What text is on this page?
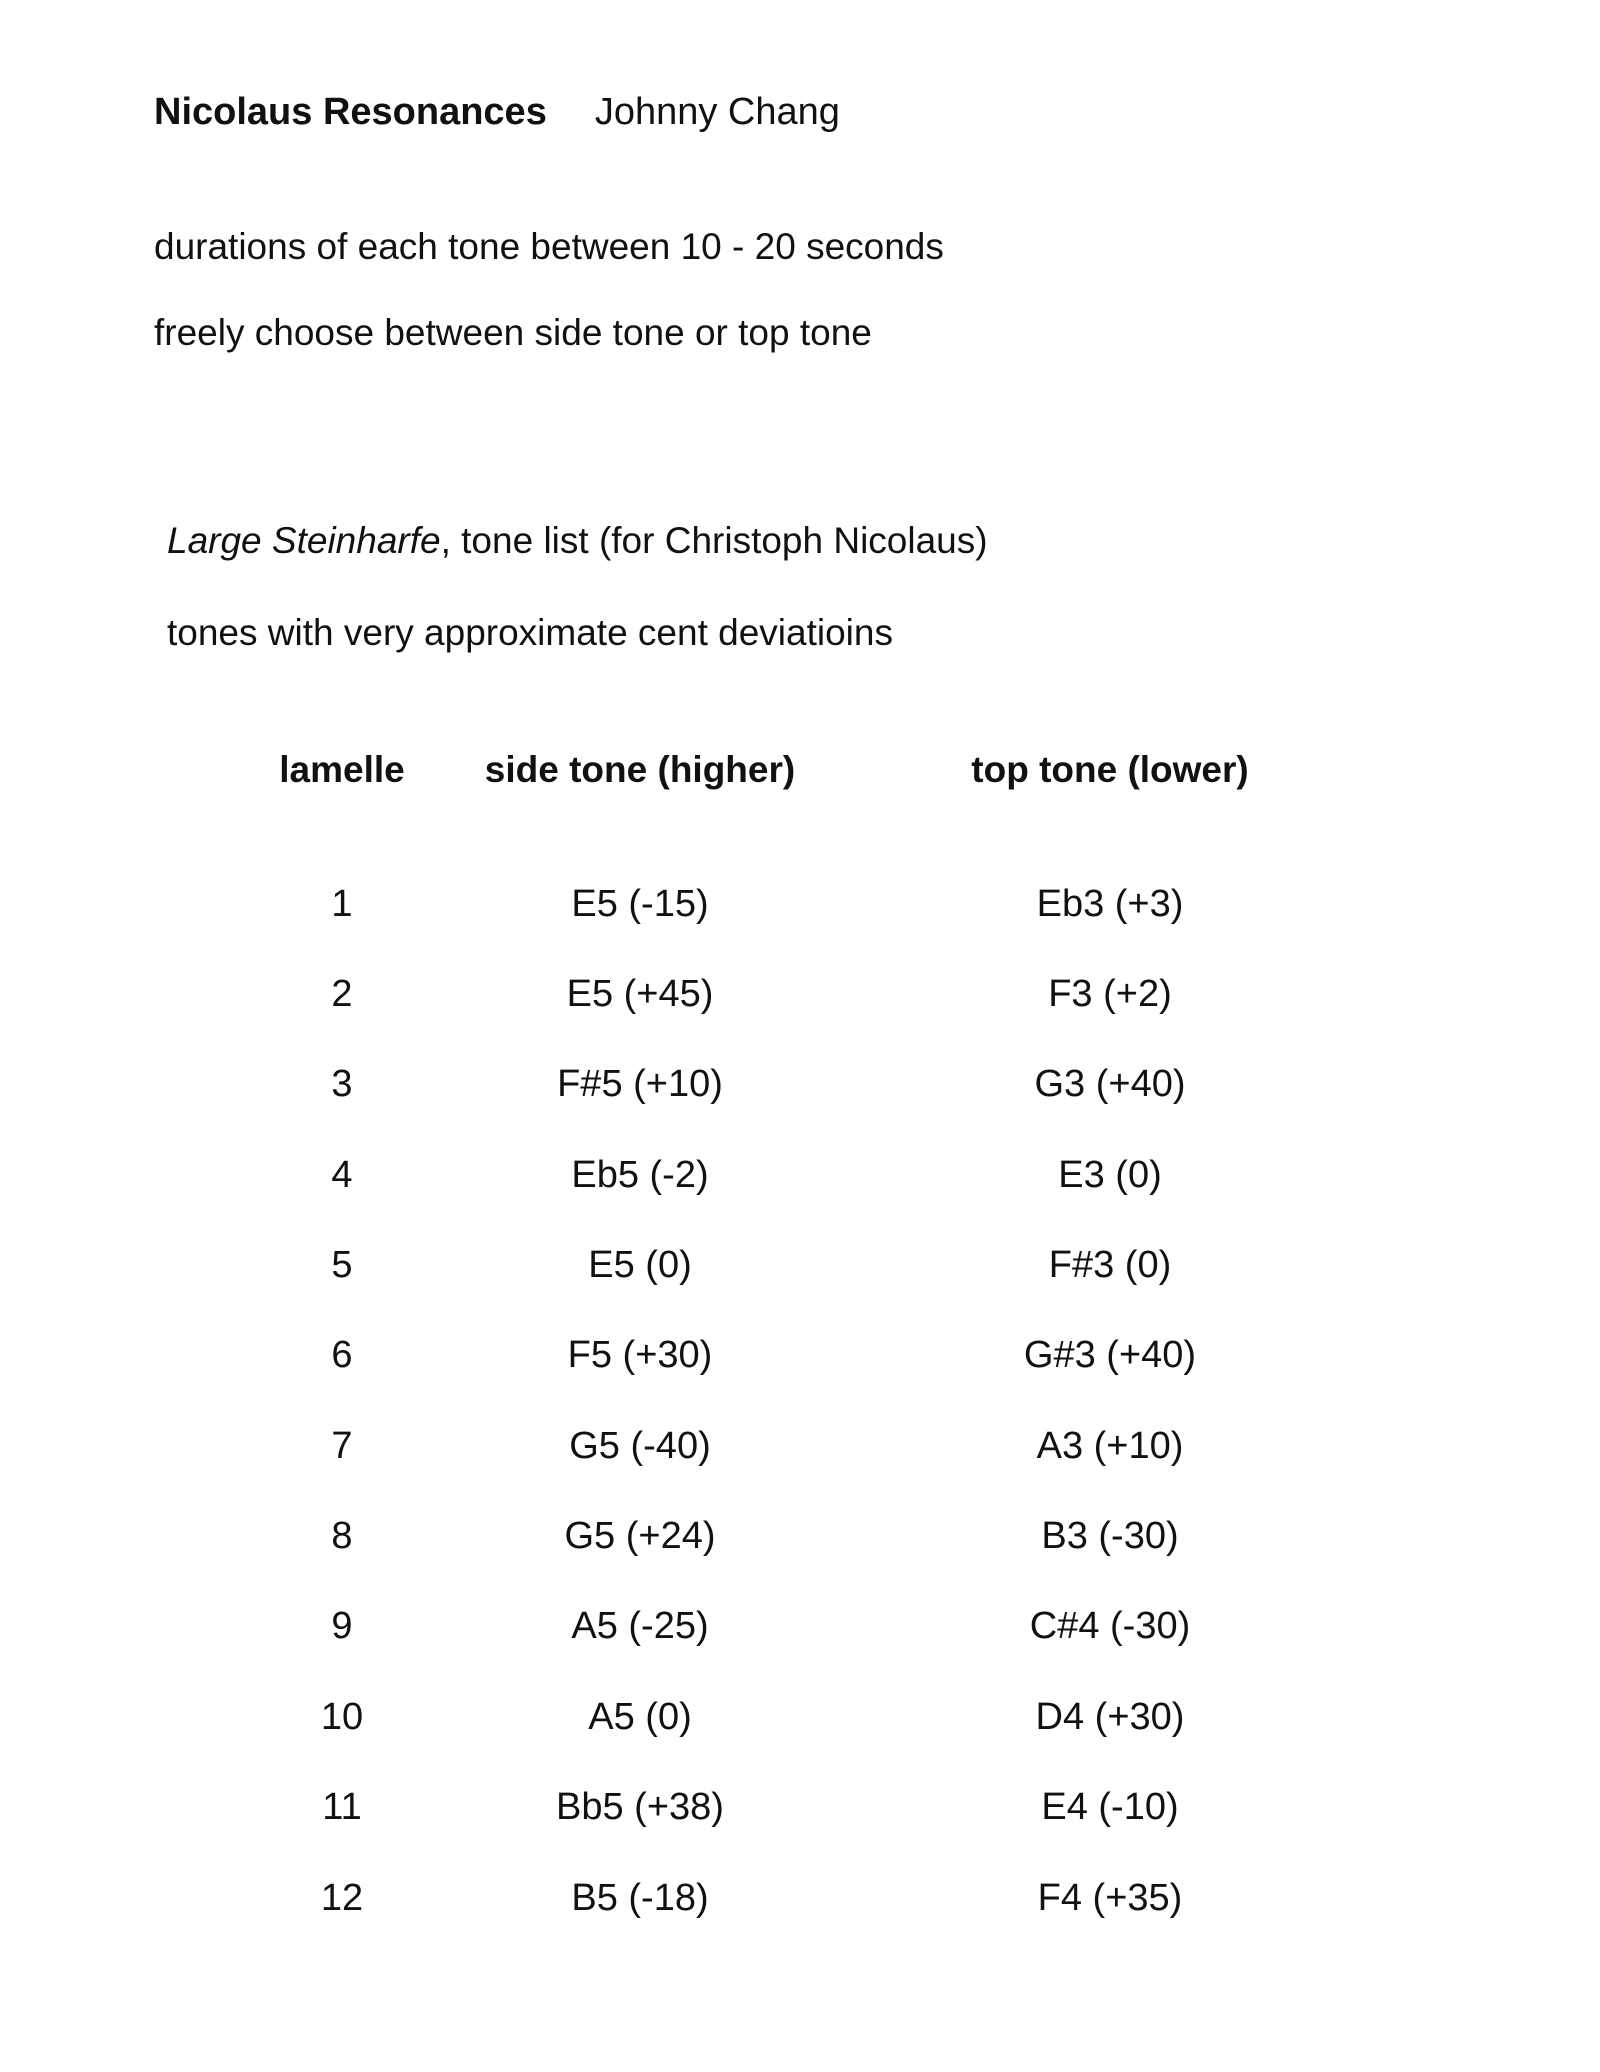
Nicolaus Resonances Johnny Chang
durations of each tone between 10 - 20 seconds
freely choose between side tone or top tone
Large Steinharfe, tone list (for Christoph Nicolaus)
tones with very approximate cent deviatioins
lamelle	side tone (higher)	top tone (lower)
1	E5 (-15)	Eb3 (+3)
2	E5 (+45)	F3 (+2)
3	F#5 (+10)	G3 (+40)
4	Eb5 (-2)	E3 (0)
5	E5 (0)	F#3 (0)
6	F5 (+30)	G#3 (+40)
7	G5 (-40)	A3 (+10)
8	G5 (+24)	B3 (-30)
9	A5 (-25)	C#4 (-30)
10	A5 (0)	D4 (+30)
11	Bb5 (+38)	E4 (-10)
12	B5 (-18)	F4 (+35)
